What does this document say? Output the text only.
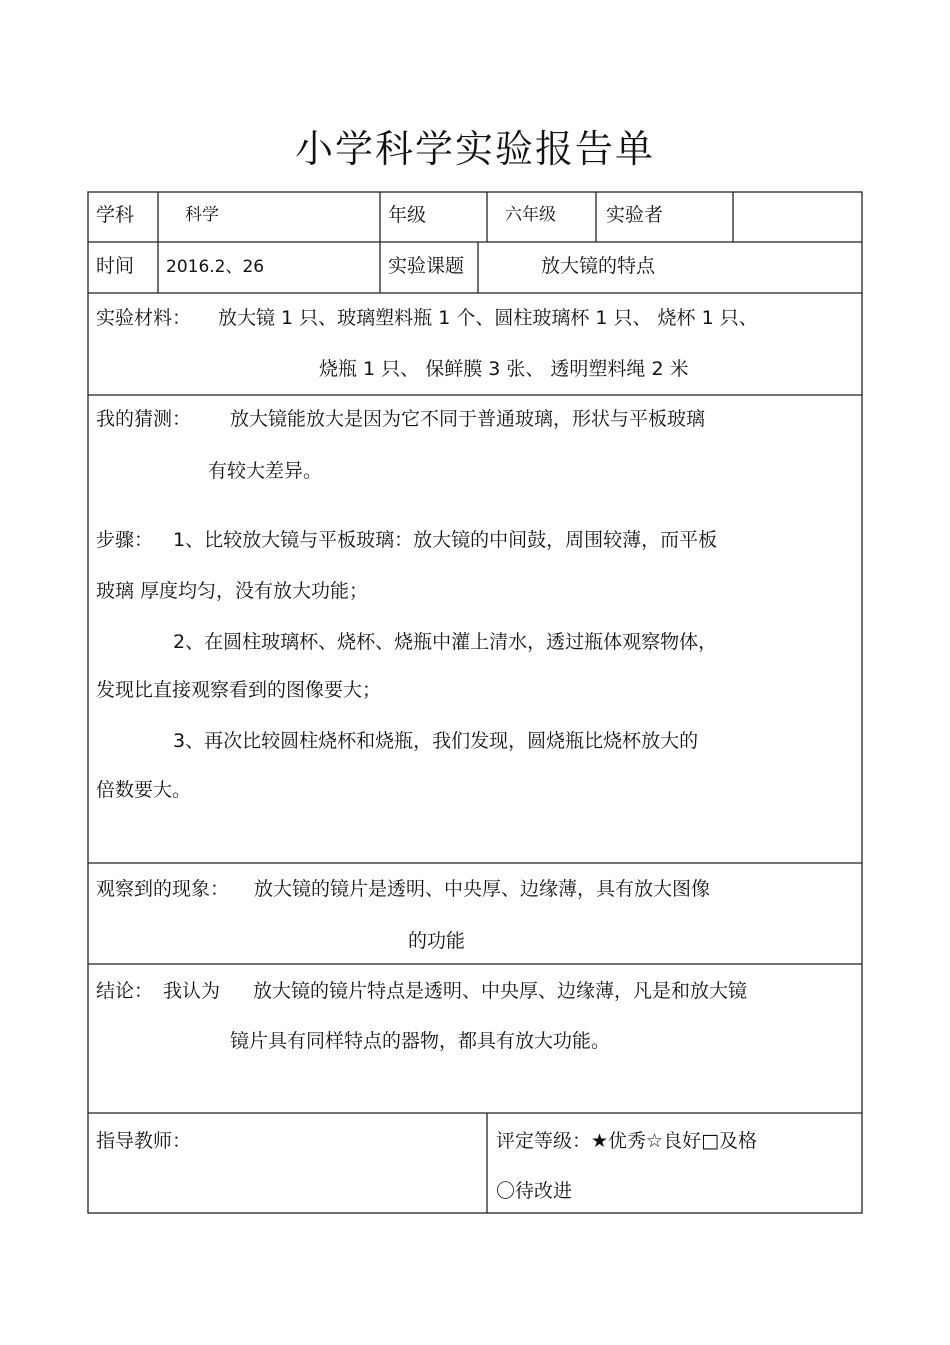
小学科学实验报告单
学科	科学	年级	六年级	实验者
时间 2016.2、26	实验课题	放大镜的特点
实验材料： 放大镜 1 只、玻璃塑料瓶 1 个、圆柱玻璃杯 1 只、 烧杯 1 只、
烧瓶 1 只、 保鲜膜 3 张、 透明塑料绳 2 米
我的猜测： 放大镜能放大是因为它不同于普通玻璃，形状与平板玻璃
有较大差异。
步骤： 1、比较放大镜与平板玻璃：放大镜的中间鼓，周围较薄，而平板
玻璃 厚度均匀，没有放大功能；
2、在圆柱玻璃杯、烧杯、烧瓶中灌上清水，透过瓶体观察物体，
发现比直接观察看到的图像要大；
3、再次比较圆柱烧杯和烧瓶，我们发现，圆烧瓶比烧杯放大的
倍数要大。
观察到的现象： 放大镜的镜片是透明、中央厚、边缘薄，具有放大图像
的功能
结论： 我认为 放大镜的镜片特点是透明、中央厚、边缘薄，凡是和放大镜
镜片具有同样特点的器物，都具有放大功能。
指导教师：	评定等级：★优秀☆良好□及格
〇待改进
